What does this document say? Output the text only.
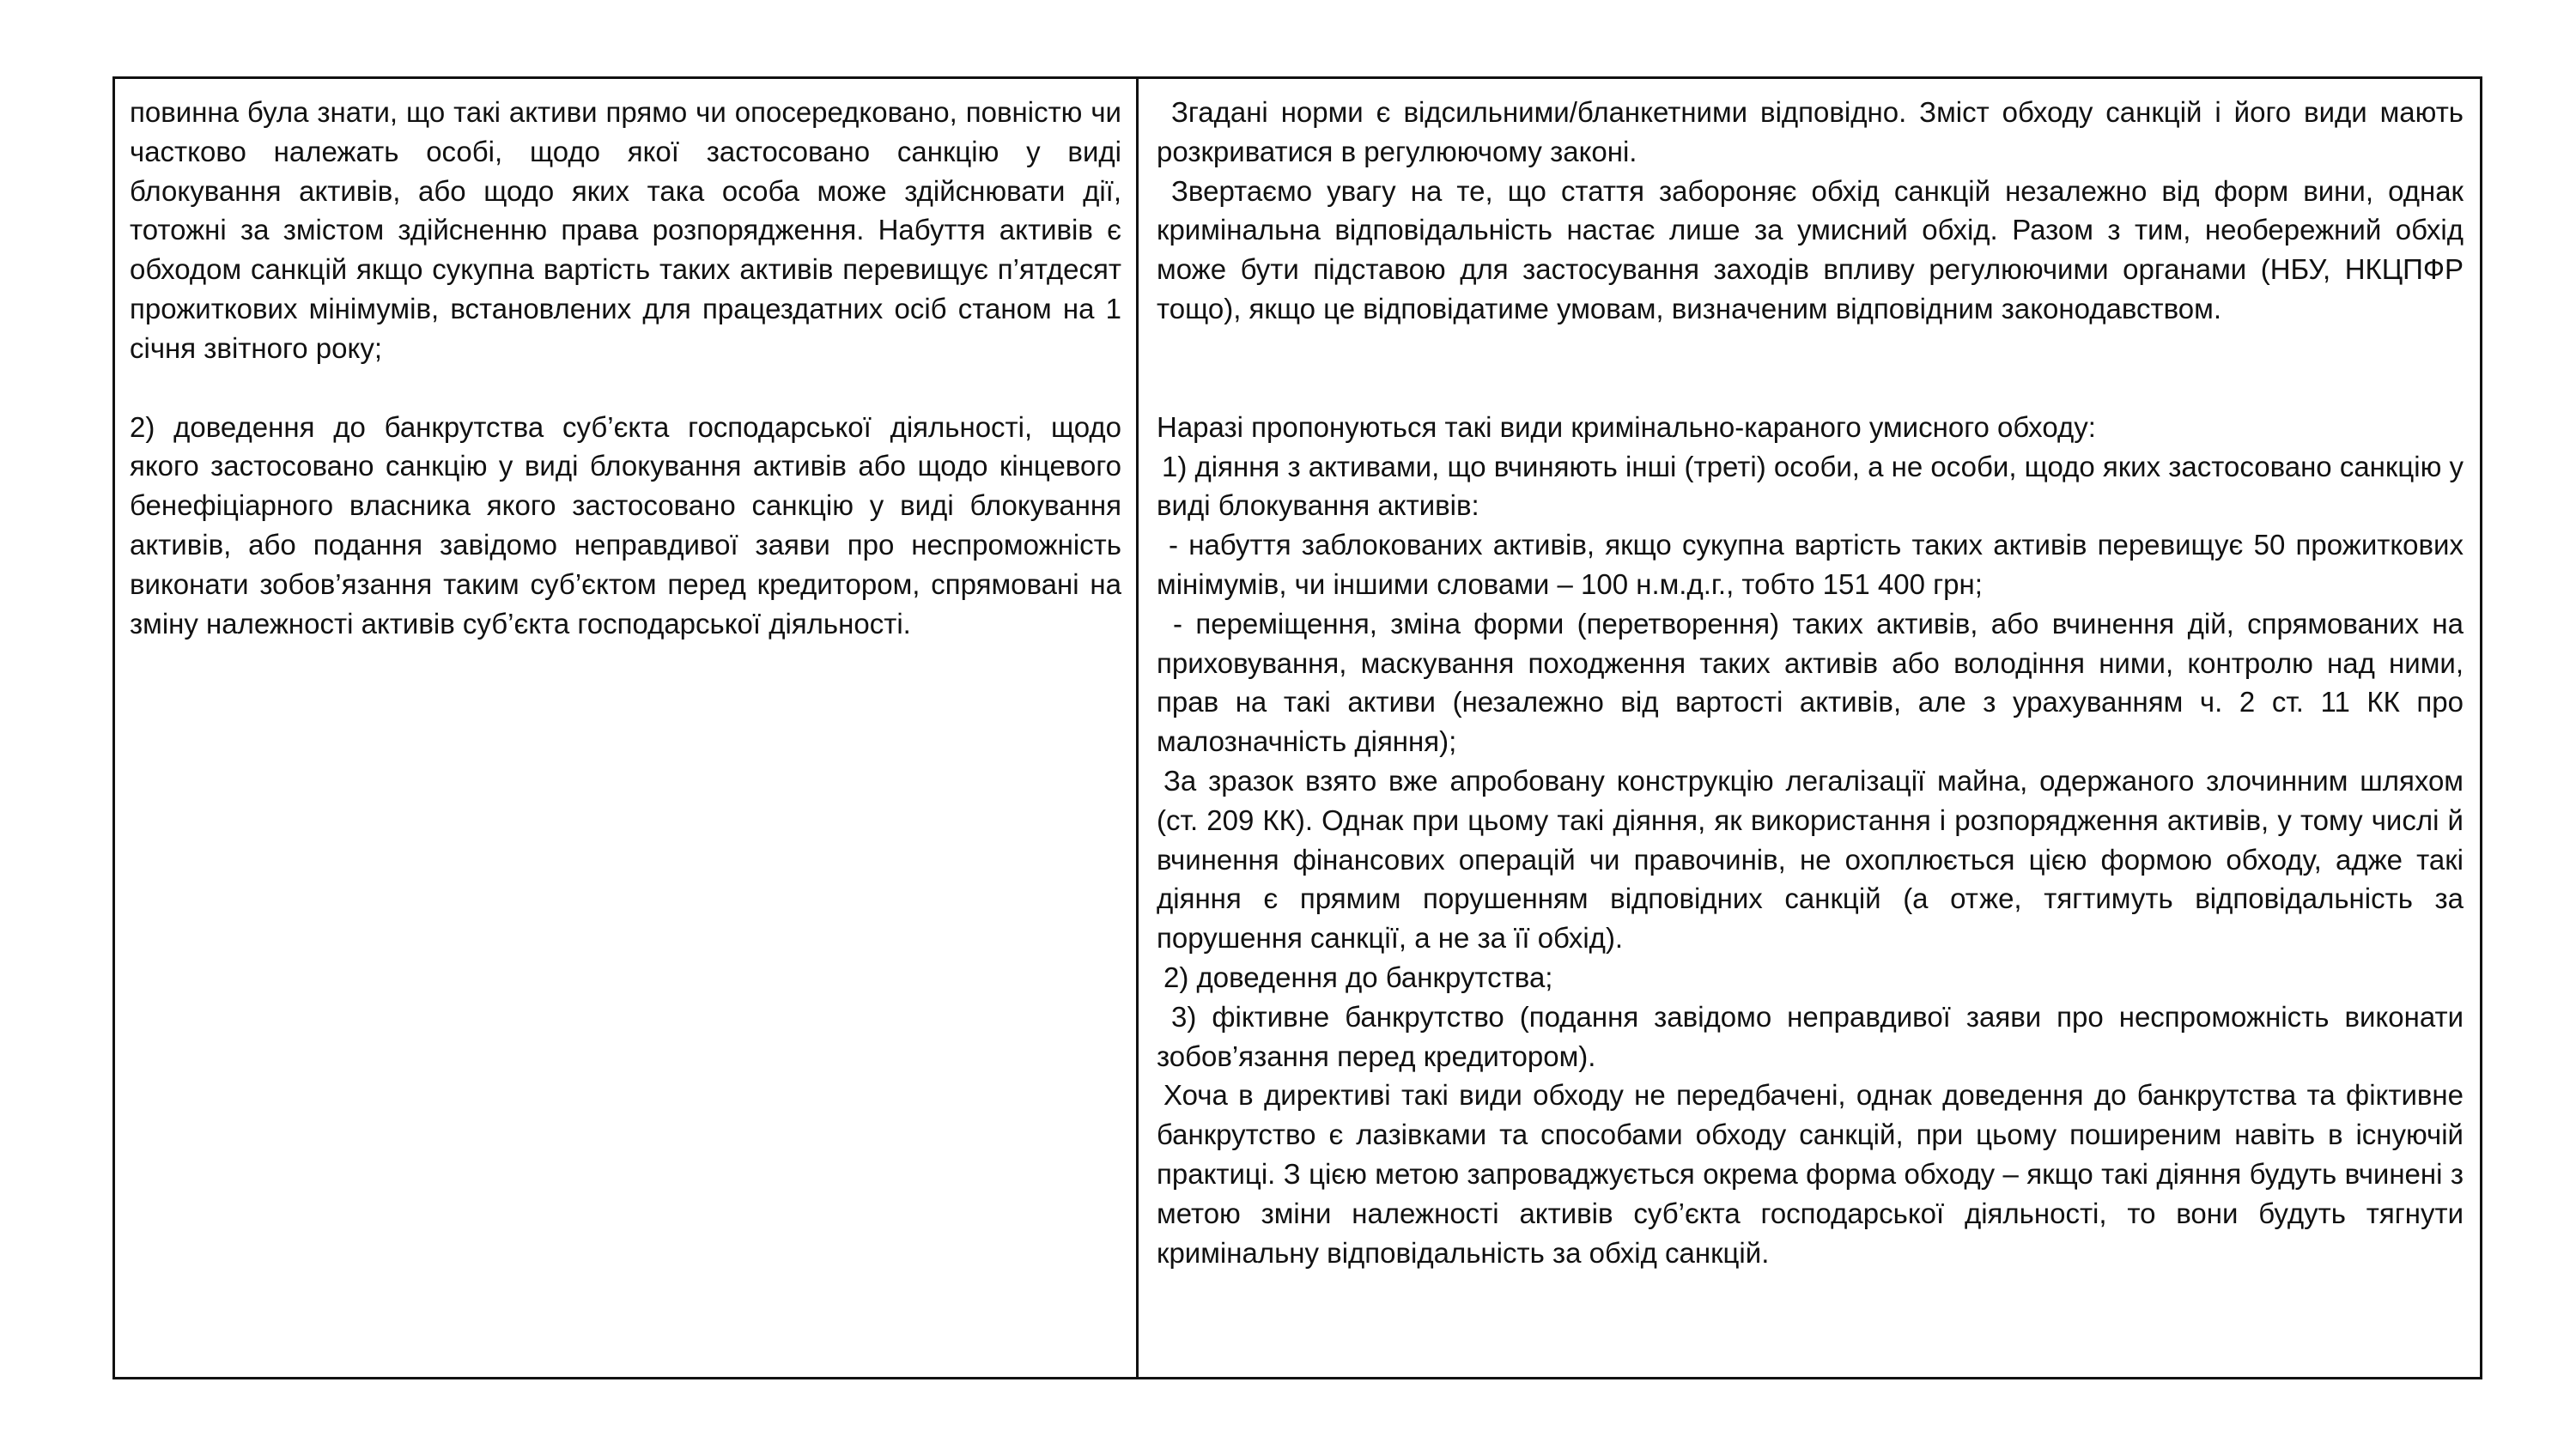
повинна була знати, що такі активи прямо чи опосередковано, повністю чи частково належать особі, щодо якої застосовано санкцію у виді блокування активів, або щодо яких така особа може здійснювати дії, тотожні за змістом здійсненню права розпорядження. Набуття активів є обходом санкцій якщо сукупна вартість таких активів перевищує п’ятдесят прожиткових мінімумів, встановлених для працездатних осіб станом на 1 січня звітного року;

2) доведення до банкрутства суб’єкта господарської діяльності, щодо якого застосовано санкцію у виді блокування активів або щодо кінцевого бенефіціарного власника якого застосовано санкцію у виді блокування активів, або подання завідомо неправдивої заяви про неспроможність виконати зобов’язання таким суб’єктом перед кредитором, спрямовані на зміну належності активів суб’єкта господарської діяльності.

Згадані норми є відсильними/бланкетними відповідно. Зміст обходу санкцій і його види мають розкриватися в регулюючому законі.

Звертаємо увагу на те, що стаття забороняє обхід санкцій незалежно від форм вини, однак кримінальна відповідальність настає лише за умисний обхід. Разом з тим, необережний обхід може бути підставою для застосування заходів впливу регулюючими органами (НБУ, НКЦПФР тощо), якщо це відповідатиме умовам, визначеним відповідним законодавством.

Наразі пропонуються такі види кримінально-караного умисного обходу:

1) діяння з активами, що вчиняють інші (треті) особи, а не особи, щодо яких застосовано санкцію у виді блокування активів:

- набуття заблокованих активів, якщо сукупна вартість таких активів перевищує 50 прожиткових мінімумів, чи іншими словами – 100 н.м.д.г., тобто 151 400 грн;

- переміщення, зміна форми (перетворення) таких активів, або вчинення дій, спрямованих на приховування, маскування походження таких активів або володіння ними, контролю над ними, прав на такі активи (незалежно від вартості активів, але з урахуванням ч. 2 ст. 11 КК про малозначність діяння);

За зразок взято вже апробовану конструкцію легалізації майна, одержаного злочинним шляхом (ст. 209 КК). Однак при цьому такі діяння, як використання і розпорядження активів, у тому числі й вчинення фінансових операцій чи правочинів, не охоплюється цією формою обходу, адже такі діяння є прямим порушенням відповідних санкцій (а отже, тягтимуть відповідальність за порушення санкції, а не за її обхід).

2) доведення до банкрутства;

3) фіктивне банкрутство (подання завідомо неправдивої заяви про неспроможність виконати зобов’язання перед кредитором).

Хоча в директиві такі види обходу не передбачені, однак доведення до банкрутства та фіктивне банкрутство є лазівками та способами обходу санкцій, при цьому поширеним навіть в існуючій практиці. З цією метою запроваджується окрема форма обходу – якщо такі діяння будуть вчинені з метою зміни належності активів суб’єкта господарської діяльності, то вони будуть тягнути кримінальну відповідальність за обхід санкцій.
